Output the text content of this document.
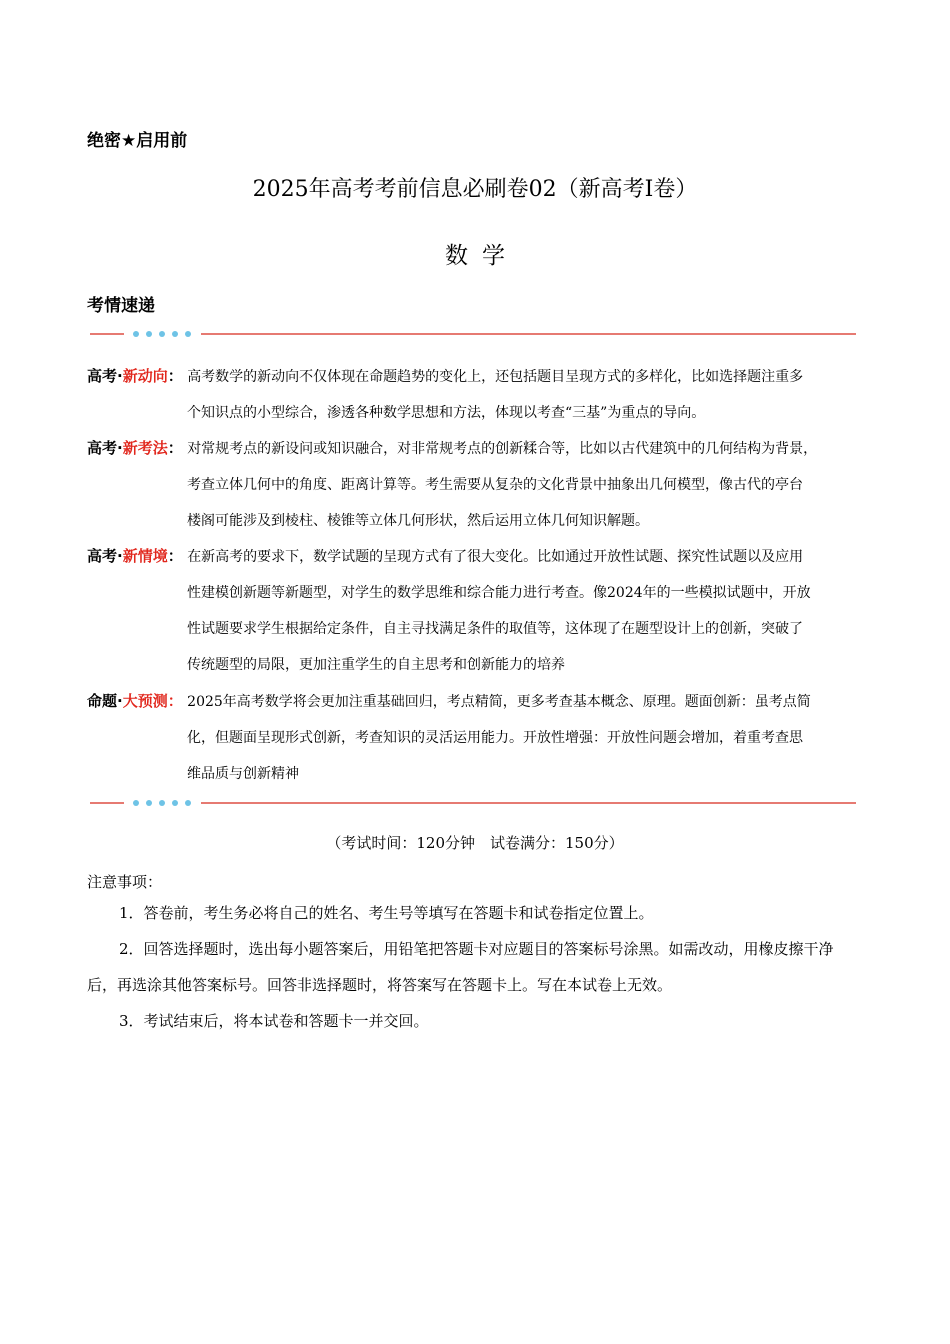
绝密★启用前
2025年高考考前信息必刷卷02（新高考Ⅰ卷）
数学
考情速递
高考·新动向： 高考数学的新动向不仅体现在命题趋势的变化上，还包括题目呈现方式的多样化，比如选择题注重多
个知识点的小型综合，渗透各种数学思想和方法，体现以考查“三基”为重点的导向。
高考·新考法： 对常规考点的新设问或知识融合，对非常规考点的创新糅合等，比如以古代建筑中的几何结构为背景，
考查立体几何中的角度、距离计算等。考生需要从复杂的文化背景中抽象出几何模型，像古代的亭台
楼阁可能涉及到棱柱、棱锥等立体几何形状，然后运用立体几何知识解题。
高考·新情境： 在新高考的要求下，数学试题的呈现方式有了很大变化。比如通过开放性试题、探究性试题以及应用
性建模创新题等新题型，对学生的数学思维和综合能力进行考查。像2024年的一些模拟试题中，开放
性试题要求学生根据给定条件，自主寻找满足条件的取值等，这体现了在题型设计上的创新，突破了
传统题型的局限，更加注重学生的自主思考和创新能力的培养
命题·大预测： 2025年高考数学将会更加注重基础回归，考点精简，更多考查基本概念、原理。题面创新：虽考点简
化，但题面呈现形式创新，考查知识的灵活运用能力。开放性增强：开放性问题会增加，着重考查思
维品质与创新精神
（考试时间：120分钟　试卷满分：150分）
注意事项：

1．答卷前，考生务必将自己的姓名、考生号等填写在答题卡和试卷指定位置上。

2．回答选择题时，选出每小题答案后，用铅笔把答题卡对应题目的答案标号涂黑。如需改动，用橡皮擦干净后，再选涂其他答案标号。回答非选择题时，将答案写在答题卡上。写在本试卷上无效。

3．考试结束后，将本试卷和答题卡一并交回。
